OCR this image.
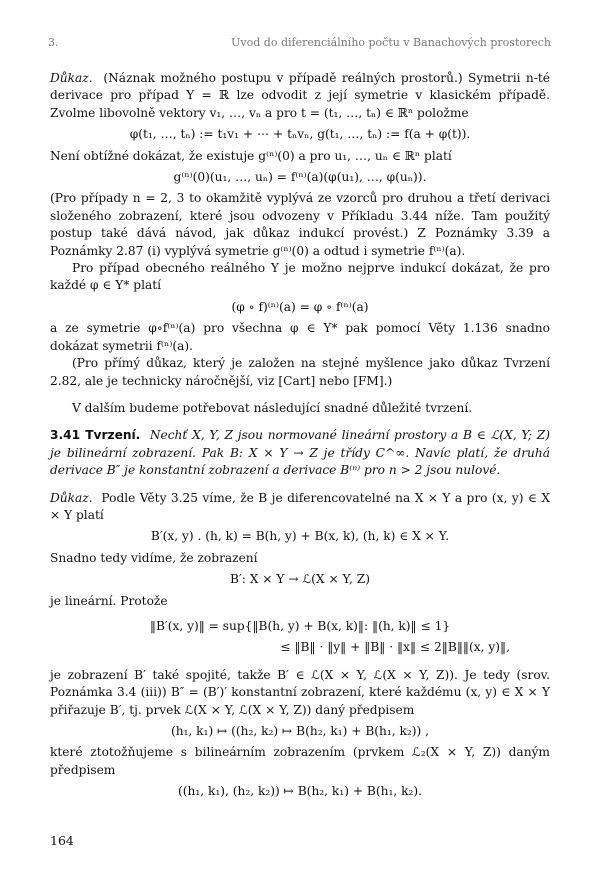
3.	Úvod do diferenciálního počtu v Banachových prostorech

Důkaz. (Náznak možného postupu v případě reálných prostorů.) Symetrii n-té derivace pro případ Y = ℝ lze odvodit z její symetrie v klasickém případě. Zvolme libovolně vektory v₁, …, vₙ a pro t = (t₁, …, tₙ) ∈ ℝⁿ položme

φ(t₁, …, tₙ) := t₁v₁ + ⋯ + tₙvₙ, g(t₁, …, tₙ) := f(a + φ(t)).

Není obtížné dokázat, že existuje g⁽ⁿ⁾(0) a pro u₁, …, uₙ ∈ ℝⁿ platí

g⁽ⁿ⁾(0)(u₁, …, uₙ) = f⁽ⁿ⁾(a)(φ(u₁), …, φ(uₙ)).

(Pro případy n = 2, 3 to okamžitě vyplývá ze vzorců pro druhou a třetí derivaci složeného zobrazení, které jsou odvozeny v Příkladu 3.44 níže. Tam použitý postup také dává návod, jak důkaz indukcí provést.) Z Poznámky 3.39 a Poznámky 2.87 (i) vyplývá symetrie g⁽ⁿ⁾(0) a odtud i symetrie f⁽ⁿ⁾(a).

Pro případ obecného reálného Y je možno nejprve indukcí dokázat, že pro každé φ ∈ Y* platí

(φ ∘ f)⁽ⁿ⁾(a) = φ ∘ f⁽ⁿ⁾(a)

a ze symetrie φ∘f⁽ⁿ⁾(a) pro všechna φ ∈ Y* pak pomocí Věty 1.136 snadno dokázat symetrii f⁽ⁿ⁾(a).

(Pro přímý důkaz, který je založen na stejné myšlence jako důkaz Tvrzení 2.82, ale je technicky náročnější, viz [Cart] nebo [FM].)

V dalším budeme potřebovat následující snadné důležité tvrzení.

3.41 Tvrzení. Nechť X, Y, Z jsou normované lineární prostory a B ∈ ℒ(X, Y; Z) je bilineární zobrazení. Pak B: X × Y → Z je třídy C^∞. Navíc platí, že druhá derivace B″ je konstantní zobrazení a derivace B⁽ⁿ⁾ pro n > 2 jsou nulové.

Důkaz. Podle Věty 3.25 víme, že B je diferencovatelné na X × Y a pro (x, y) ∈ X × Y platí

B′(x, y) . (h, k) = B(h, y) + B(x, k), (h, k) ∈ X × Y.

Snadno tedy vidíme, že zobrazení

B′: X × Y → ℒ(X × Y, Z)

je lineární. Protože

‖B′(x, y)‖ = sup{‖B(h, y) + B(x, k)‖: ‖(h, k)‖ ≤ 1}
≤ ‖B‖ · ‖y‖ + ‖B‖ · ‖x‖ ≤ 2‖B‖‖(x, y)‖,

je zobrazení B′ také spojité, takže B′ ∈ ℒ(X × Y, ℒ(X × Y, Z)). Je tedy (srov. Poznámka 3.4 (iii)) B″ = (B′)′ konstantní zobrazení, které každému (x, y) ∈ X × Y přiřazuje B′, tj. prvek ℒ(X × Y, ℒ(X × Y, Z)) daný předpisem

(h₁, k₁) ↦ ((h₂, k₂) ↦ B(h₂, k₁) + B(h₁, k₂)) ,

které ztotožňujeme s bilineárním zobrazením (prvkem ℒ₂(X × Y, Z)) daným předpisem

((h₁, k₁), (h₂, k₂)) ↦ B(h₂, k₁) + B(h₁, k₂).
164
